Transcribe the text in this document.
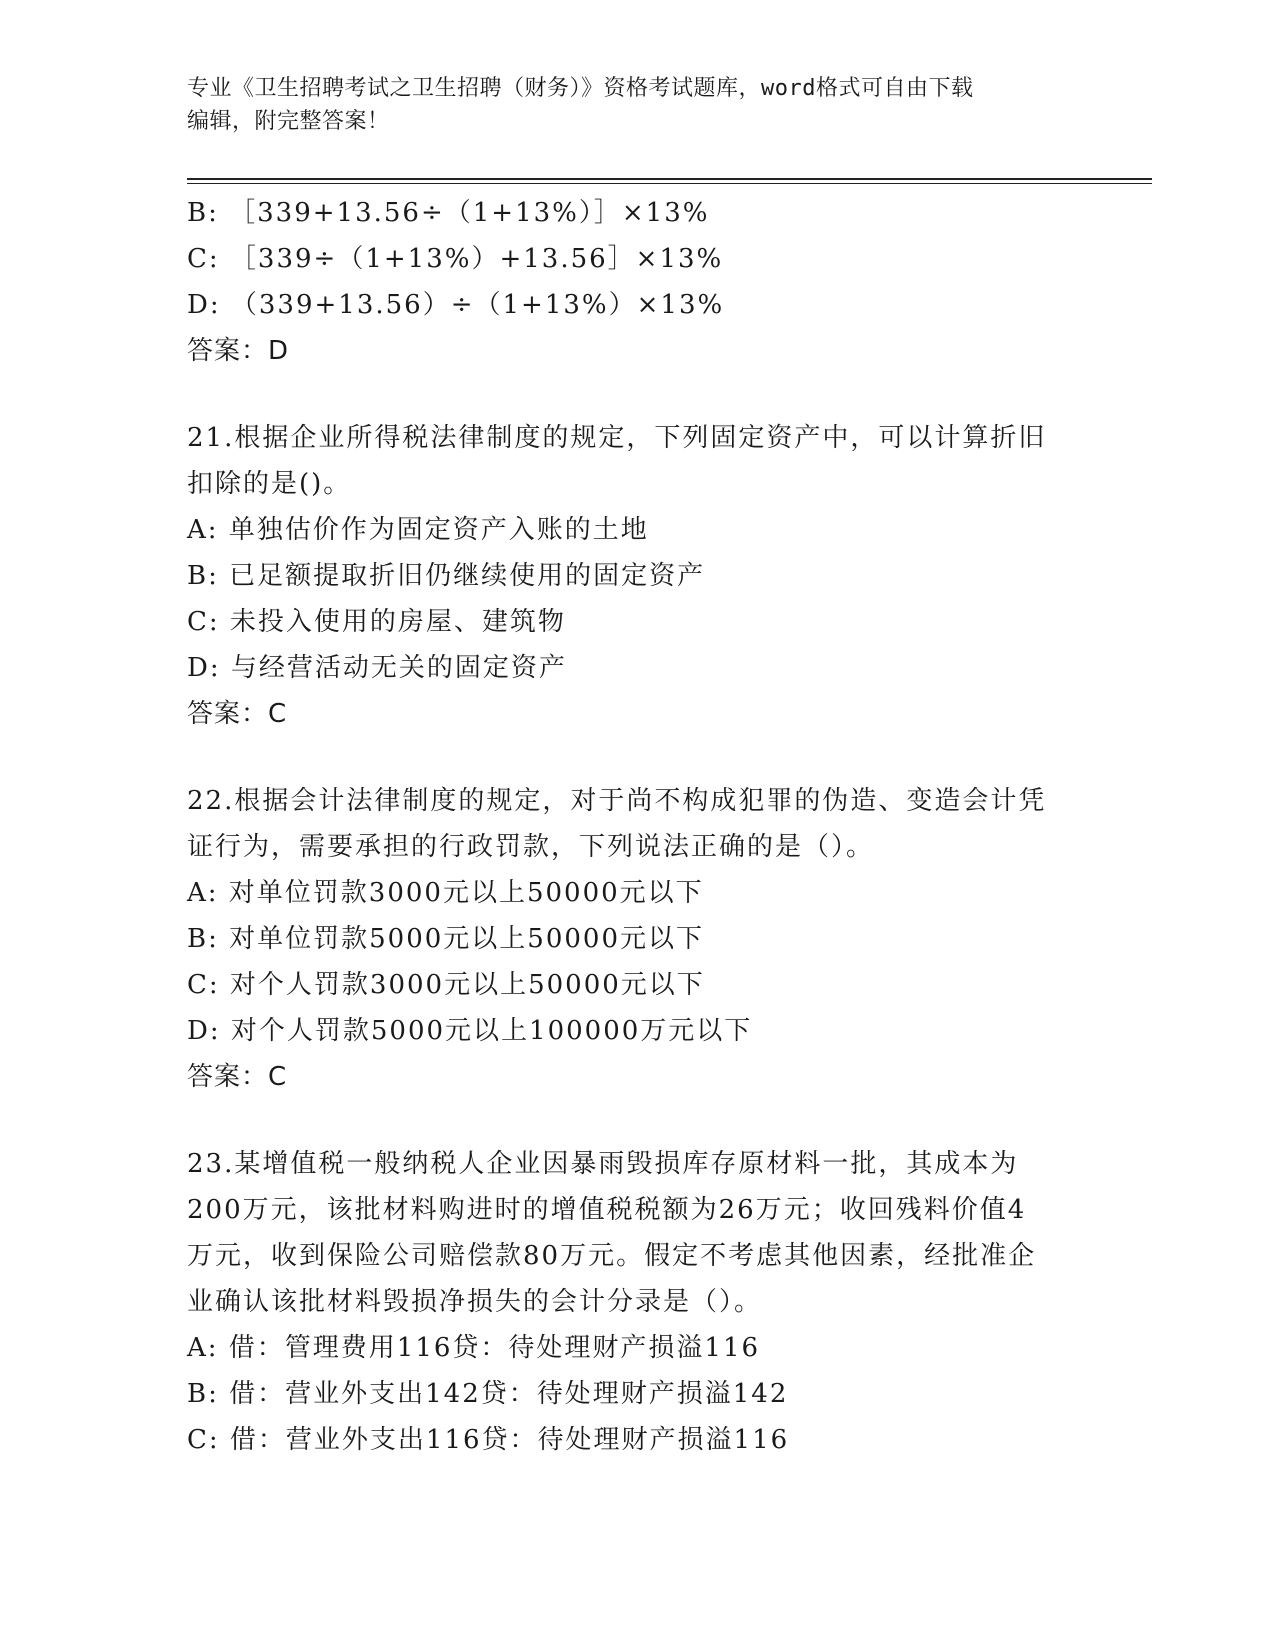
专业《卫生招聘考试之卫生招聘（财务）》资格考试题库，word格式可自由下载
编辑，附完整答案！
B: ［339+13.56÷（1+13%）］×13%
C: ［339÷（1+13%）+13.56］×13%
D: （339+13.56）÷（1+13%）×13%
答案：D
21.根据企业所得税法律制度的规定，下列固定资产中，可以计算折旧
扣除的是()。
A: 单独估价作为固定资产入账的土地
B: 已足额提取折旧仍继续使用的固定资产
C: 未投入使用的房屋、建筑物
D: 与经营活动无关的固定资产
答案：C
22.根据会计法律制度的规定，对于尚不构成犯罪的伪造、变造会计凭
证行为，需要承担的行政罚款，下列说法正确的是（）。
A: 对单位罚款3000元以上50000元以下
B: 对单位罚款5000元以上50000元以下
C: 对个人罚款3000元以上50000元以下
D: 对个人罚款5000元以上100000万元以下
答案：C
23.某增值税一般纳税人企业因暴雨毁损库存原材料一批，其成本为
200万元，该批材料购进时的增值税税额为26万元；收回残料价值4
万元，收到保险公司赔偿款80万元。假定不考虑其他因素，经批准企
业确认该批材料毁损净损失的会计分录是（）。
A: 借：管理费用116贷：待处理财产损溢116
B: 借：营业外支出142贷：待处理财产损溢142
C: 借：营业外支出116贷：待处理财产损溢116
